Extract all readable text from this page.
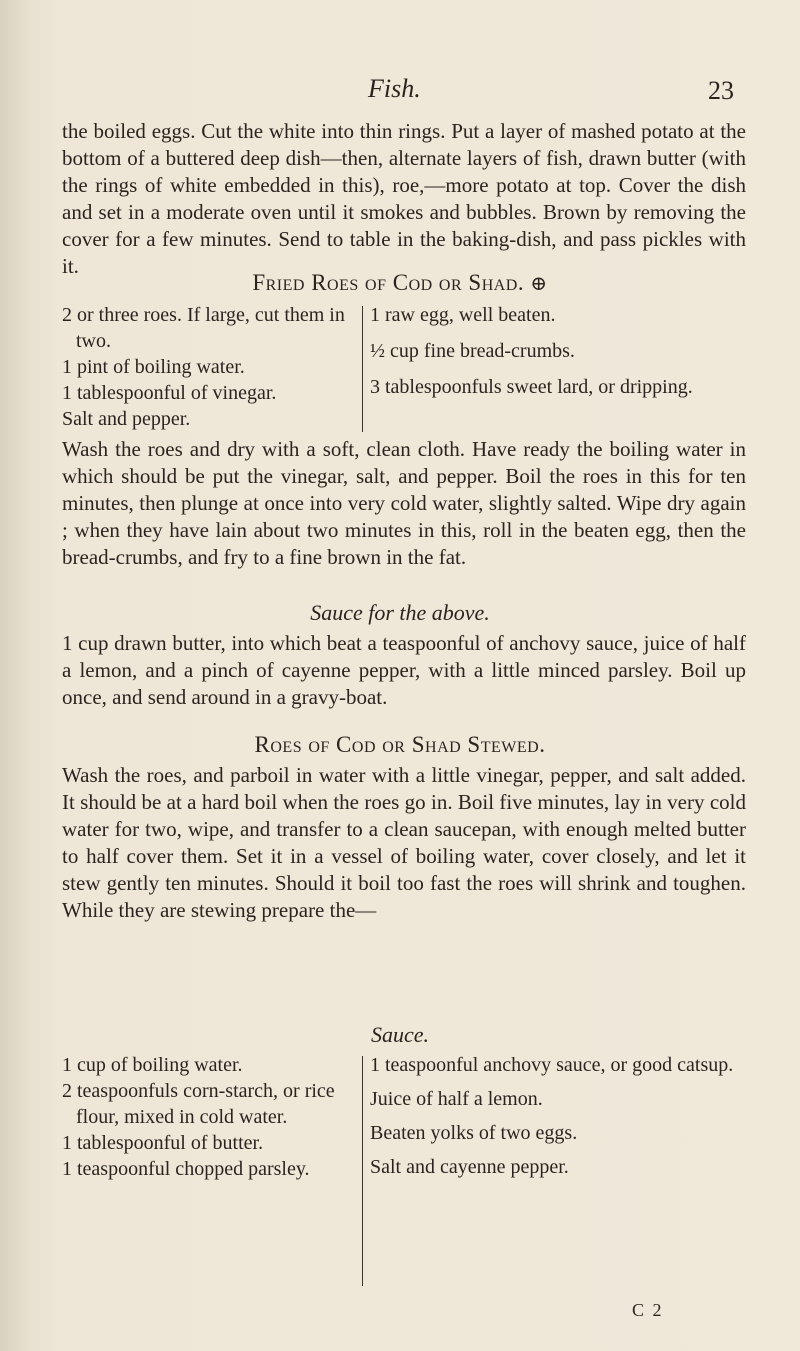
Fish.	23

the boiled eggs. Cut the white into thin rings. Put a layer of mashed potato at the bottom of a buttered deep dish—then, alternate layers of fish, drawn butter (with the rings of white embedded in this), roe,—more potato at top. Cover the dish and set in a moderate oven until it smokes and bubbles. Brown by removing the cover for a few minutes. Send to table in the baking-dish, and pass pickles with it.

Fried Roes of Cod or Shad. ⊕

2 or three roes. If large, cut them in two.

1 pint of boiling water.

1 tablespoonful of vinegar.

Salt and pepper.

1 raw egg, well beaten.

½ cup fine bread-crumbs.

3 tablespoonfuls sweet lard, or dripping.

Wash the roes and dry with a soft, clean cloth. Have ready the boiling water in which should be put the vinegar, salt, and pepper. Boil the roes in this for ten minutes, then plunge at once into very cold water, slightly salted. Wipe dry again ; when they have lain about two minutes in this, roll in the beaten egg, then the bread-crumbs, and fry to a fine brown in the fat.

Sauce for the above.

1 cup drawn butter, into which beat a teaspoonful of anchovy sauce, juice of half a lemon, and a pinch of cayenne pepper, with a little minced parsley. Boil up once, and send around in a gravy-boat.

Roes of Cod or Shad Stewed.

Wash the roes, and parboil in water with a little vinegar, pepper, and salt added. It should be at a hard boil when the roes go in. Boil five minutes, lay in very cold water for two, wipe, and transfer to a clean saucepan, with enough melted butter to half cover them. Set it in a vessel of boiling water, cover closely, and let it stew gently ten minutes. Should it boil too fast the roes will shrink and toughen. While they are stewing prepare the—

Sauce.

1 cup of boiling water.

2 teaspoonfuls corn-starch, or rice flour, mixed in cold water.

1 tablespoonful of butter.

1 teaspoonful chopped parsley.

1 teaspoonful anchovy sauce, or good catsup.

Juice of half a lemon.

Beaten yolks of two eggs.

Salt and cayenne pepper.

C 2
